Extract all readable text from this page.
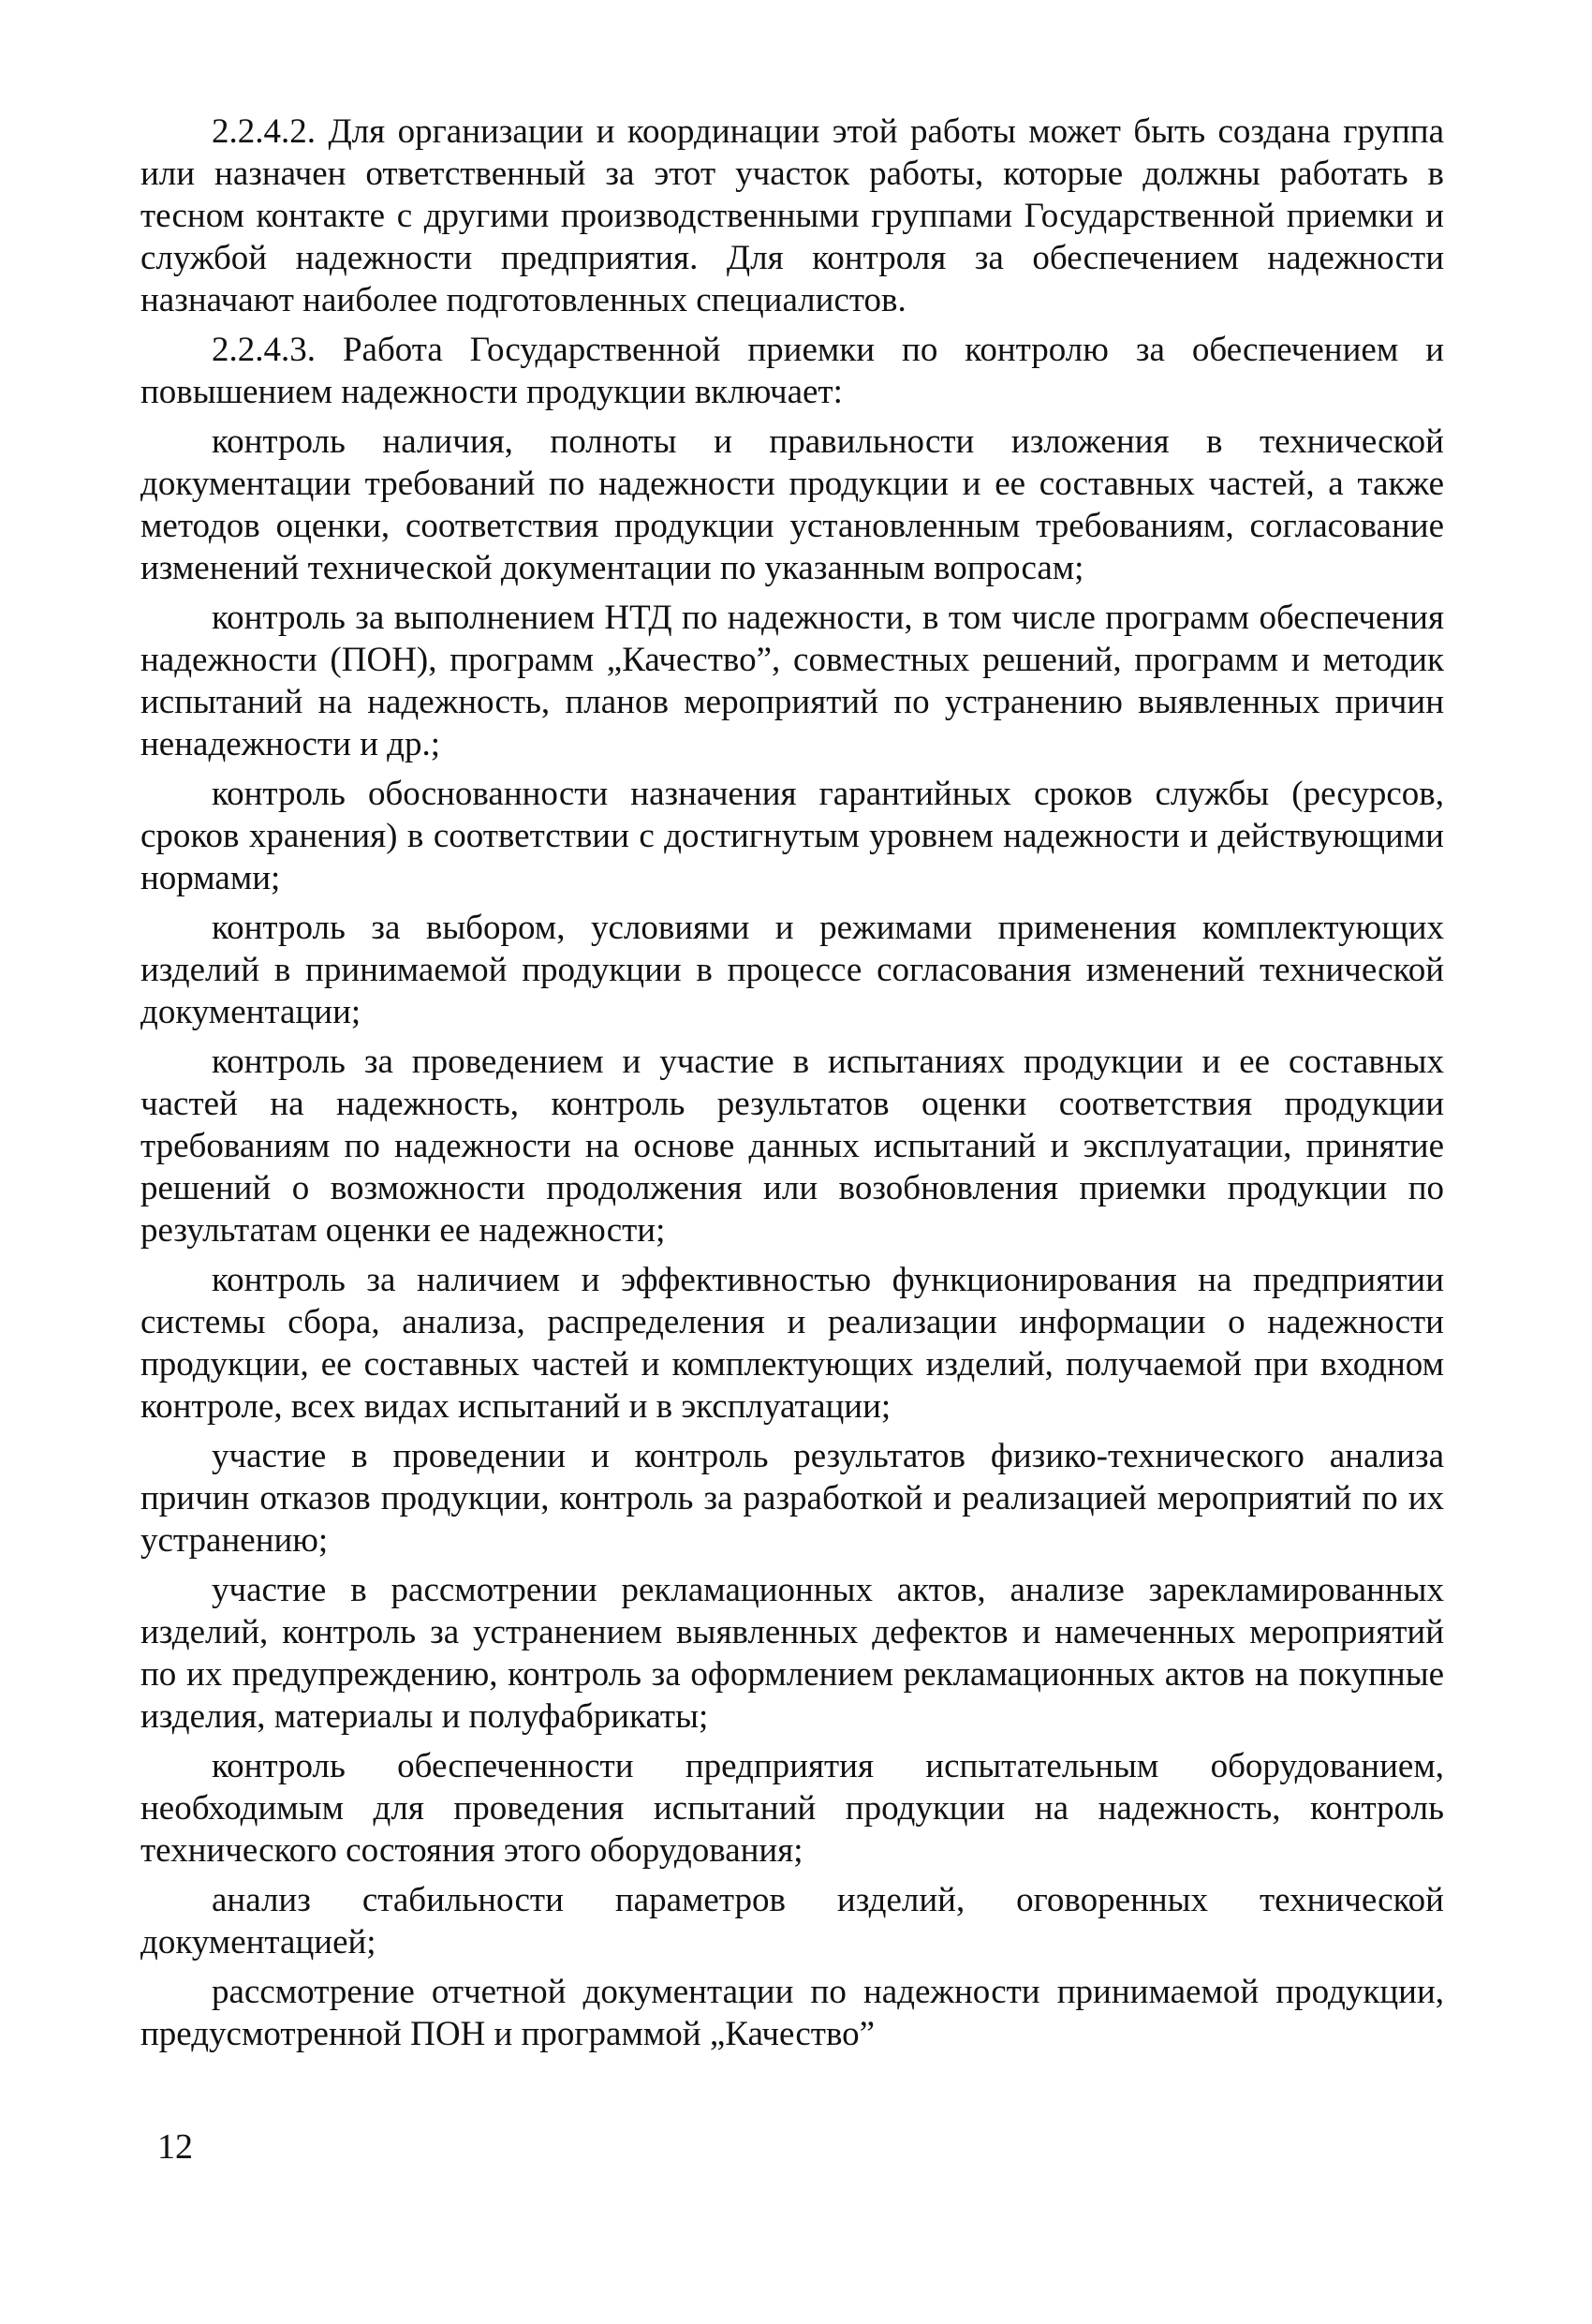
2.2.4.2. Для организации и координации этой работы может быть создана группа или назначен ответственный за этот участок работы, которые должны работать в тесном контакте с другими производственными группами Государственной приемки и службой надежности предприятия. Для контроля за обеспечением надежности назначают наиболее подготовленных специалистов.

2.2.4.3. Работа Государственной приемки по контролю за обеспечением и повышением надежности продукции включает:

контроль наличия, полноты и правильности изложения в технической документации требований по надежности продукции и ее составных частей, а также методов оценки, соответствия продукции установленным требованиям, согласование изменений технической документации по указанным вопросам;

контроль за выполнением НТД по надежности, в том числе программ обеспечения надежности (ПОН), программ „Качество”, совместных решений, программ и методик испытаний на надежность, планов мероприятий по устранению выявленных причин ненадежности и др.;

контроль обоснованности назначения гарантийных сроков службы (ресурсов, сроков хранения) в соответствии с достигнутым уровнем надежности и действующими нормами;

контроль за выбором, условиями и режимами применения комплектующих изделий в принимаемой продукции в процессе согласования изменений технической документации;

контроль за проведением и участие в испытаниях продукции и ее составных частей на надежность, контроль результатов оценки соответствия продукции требованиям по надежности на основе данных испытаний и эксплуатации, принятие решений о возможности продолжения или возобновления приемки продукции по результатам оценки ее надежности;

контроль за наличием и эффективностью функционирования на предприятии системы сбора, анализа, распределения и реализации информации о надежности продукции, ее составных частей и комплектующих изделий, получаемой при входном контроле, всех видах испытаний и в эксплуатации;

участие в проведении и контроль результатов физико-технического анализа причин отказов продукции, контроль за разработкой и реализацией мероприятий по их устранению;

участие в рассмотрении рекламационных актов, анализе зарекламированных изделий, контроль за устранением выявленных дефектов и намеченных мероприятий по их предупреждению, контроль за оформлением рекламационных актов на покупные изделия, материалы и полуфабрикаты;

контроль обеспеченности предприятия испытательным оборудованием, необходимым для проведения испытаний продукции на надежность, контроль технического состояния этого оборудования;

анализ стабильности параметров изделий, оговоренных технической документацией;

рассмотрение отчетной документации по надежности принимаемой продукции, предусмотренной ПОН и программой „Качество”

12
